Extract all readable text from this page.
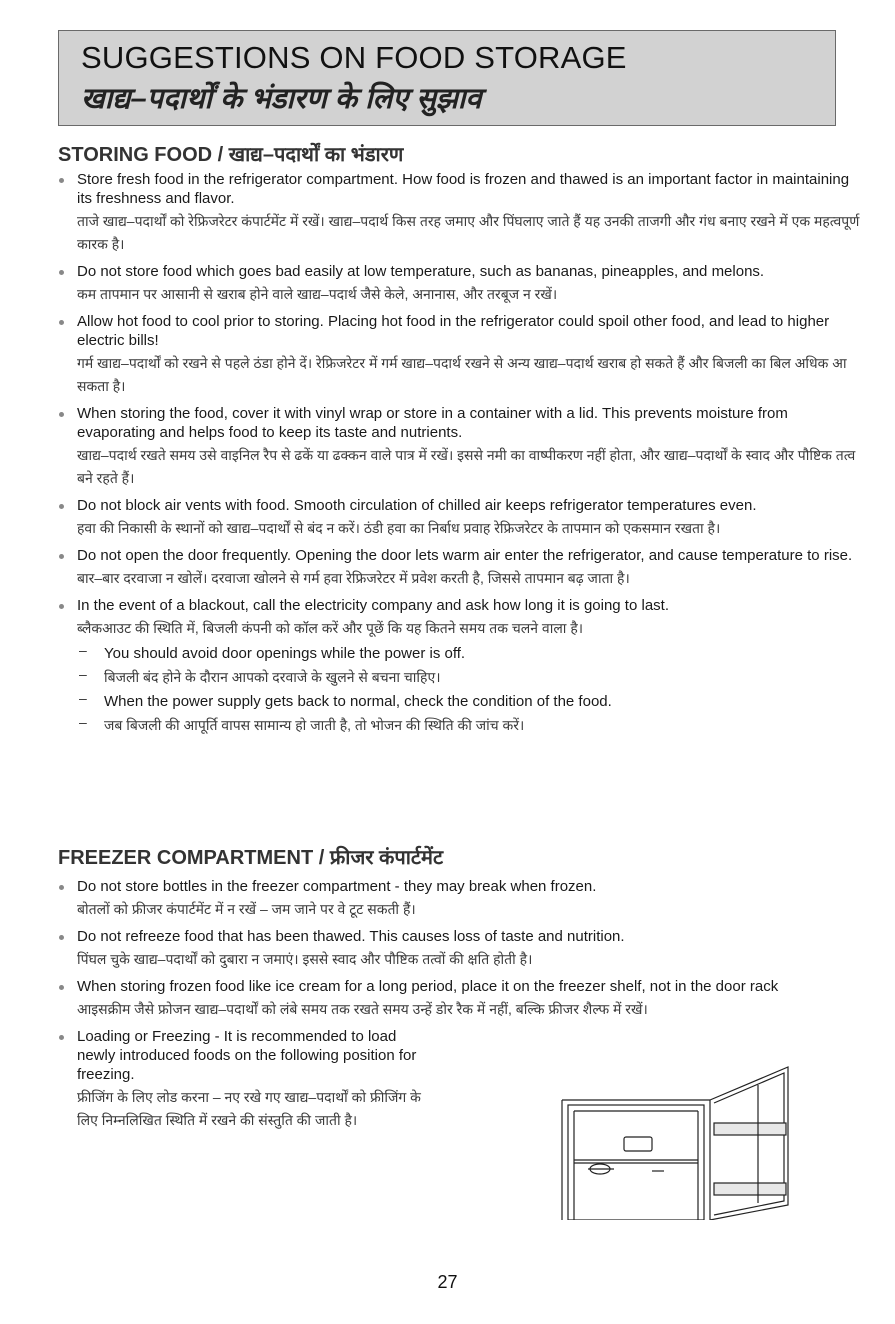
SUGGESTIONS ON FOOD STORAGE
खाद्य–पदार्थों के भंडारण के लिए सुझाव
STORING FOOD / खाद्य–पदार्थों का भंडारण
Store fresh food in the refrigerator compartment. How food is frozen and thawed is an important factor in maintaining its freshness and flavor.
ताजे खाद्य–पदार्थों को रेफ्रिजरेटर कंपार्टमेंट में रखें। खाद्य–पदार्थ किस तरह जमाए और पिंघलाए जाते हैं यह उनकी ताजगी और गंध बनाए रखने में एक महत्वपूर्ण कारक है।
Do not store food which goes bad easily at low temperature, such as bananas, pineapples, and melons.
कम तापमान पर आसानी से खराब होने वाले खाद्य–पदार्थ जैसे केले, अनानास, और तरबूज न रखें।
Allow hot food to cool prior to storing. Placing hot food in the refrigerator could spoil other food, and lead to higher electric bills!
गर्म खाद्य–पदार्थों को रखने से पहले ठंडा होने दें। रेफ्रिजरेटर में गर्म खाद्य–पदार्थ रखने से अन्य खाद्य–पदार्थ खराब हो सकते हैं और बिजली का बिल अधिक आ सकता है।
When storing the food, cover it with vinyl wrap or store in a container with a lid. This prevents moisture from evaporating and helps food to keep its taste and nutrients.
खाद्य–पदार्थ रखते समय उसे वाइनिल रैप से ढकें या ढक्कन वाले पात्र में रखें। इससे नमी का वाष्पीकरण नहीं होता, और खाद्य–पदार्थों के स्वाद और पौष्टिक तत्व बने रहते हैं।
Do not block air vents with food. Smooth circulation of chilled air keeps refrigerator temperatures even.
हवा की निकासी के स्थानों को खाद्य–पदार्थों से बंद न करें। ठंडी हवा का निर्बाध प्रवाह रेफ्रिजरेटर के तापमान को एकसमान रखता है।
Do not open the door frequently. Opening the door lets warm air enter the refrigerator, and cause temperature to rise.
बार–बार दरवाजा न खोलें। दरवाजा खोलने से गर्म हवा रेफ्रिजरेटर में प्रवेश करती है, जिससे तापमान बढ़ जाता है।
In the event of a blackout, call the electricity company and ask how long it is going to last.
ब्लैकआउट की स्थिति में, बिजली कंपनी को कॉल करें और पूछें कि यह कितने समय तक चलने वाला है।
– You should avoid door openings while the power is off.
– बिजली बंद होने के दौरान आपको दरवाजे के खुलने से बचना चाहिए।
– When the power supply gets back to normal, check the condition of the food.
– जब बिजली की आपूर्ति वापस सामान्य हो जाती है, तो भोजन की स्थिति की जांच करें।
FREEZER COMPARTMENT / फ्रीजर कंपार्टमेंट
Do not store bottles in the freezer compartment - they may break when frozen.
बोतलों को फ्रीजर कंपार्टमेंट में न रखें – जम जाने पर वे टूट सकती हैं।
Do not refreeze food that has been thawed. This causes loss of taste and nutrition.
पिंघल चुके खाद्य–पदार्थों को दुबारा न जमाएं। इससे स्वाद और पौष्टिक तत्वों की क्षति होती है।
When storing frozen food like ice cream for a long period, place it on the freezer shelf, not in the door rack
आइसक्रीम जैसे फ्रोजन खाद्य–पदार्थों को लंबे समय तक रखते समय उन्हें डोर रैक में नहीं, बल्कि फ्रीजर शैल्फ में रखें।
Loading or Freezing - It is recommended to load newly introduced foods on the following position for freezing.
फ्रीजिंग के लिए लोड करना – नए रखे गए खाद्य–पदार्थों को फ्रीजिंग के लिए निम्नलिखित स्थिति में रखने की संस्तुति की जाती है।
27
